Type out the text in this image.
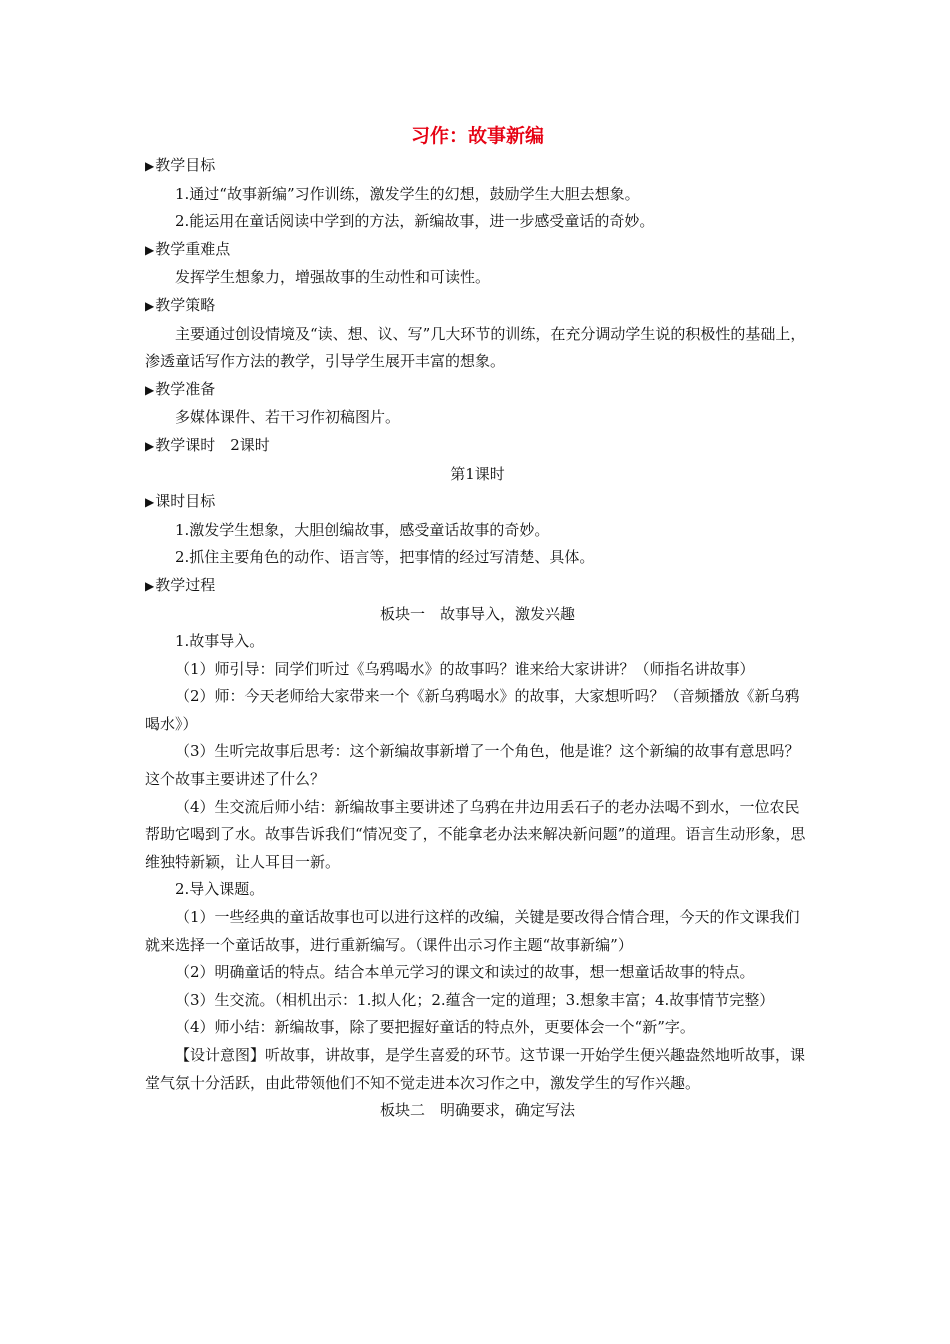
习作：故事新编
▶ 教学目标

1.通过“故事新编”习作训练，激发学生的幻想，鼓励学生大胆去想象。

2.能运用在童话阅读中学到的方法，新编故事，进一步感受童话的奇妙。

▶ 教学重难点

发挥学生想象力，增强故事的生动性和可读性。

▶ 教学策略

主要通过创设情境及“读、想、议、写”几大环节的训练，在充分调动学生说的积极性的基础上，渗透童话写作方法的教学，引导学生展开丰富的想象。

▶ 教学准备

多媒体课件、若干习作初稿图片。

▶ 教学课时 2课时
第1课时
▶ 课时目标

1.激发学生想象，大胆创编故事，感受童话故事的奇妙。

2.抓住主要角色的动作、语言等，把事情的经过写清楚、具体。

▶ 教学过程
板块一　故事导入，激发兴趣

1.故事导入。

（1）师引导：同学们听过《乌鸦喝水》的故事吗？谁来给大家讲讲？（师指名讲故事）

（2）师：今天老师给大家带来一个《新乌鸦喝水》的故事，大家想听吗？（音频播放《新乌鸦喝水》）

（3）生听完故事后思考：这个新编故事新增了一个角色，他是谁？这个新编的故事有意思吗？这个故事主要讲述了什么？

（4）生交流后师小结：新编故事主要讲述了乌鸦在井边用丢石子的老办法喝不到水，一位农民帮助它喝到了水。故事告诉我们“情况变了，不能拿老办法来解决新问题”的道理。语言生动形象，思维独特新颖，让人耳目一新。

2.导入课题。

（1）一些经典的童话故事也可以进行这样的改编，关键是要改得合情合理，今天的作文课我们就来选择一个童话故事，进行重新编写。（课件出示习作主题“故事新编”）

（2）明确童话的特点。结合本单元学习的课文和读过的故事，想一想童话故事的特点。

（3）生交流。（相机出示：1.拟人化；2.蕴含一定的道理；3.想象丰富；4.故事情节完整）

（4）师小结：新编故事，除了要把握好童话的特点外，更要体会一个“新”字。

【设计意图】听故事，讲故事，是学生喜爱的环节。这节课一开始学生便兴趣盎然地听故事，课堂气氛十分活跃，由此带领他们不知不觉走进本次习作之中，激发学生的写作兴趣。

板块二　明确要求，确定写法
